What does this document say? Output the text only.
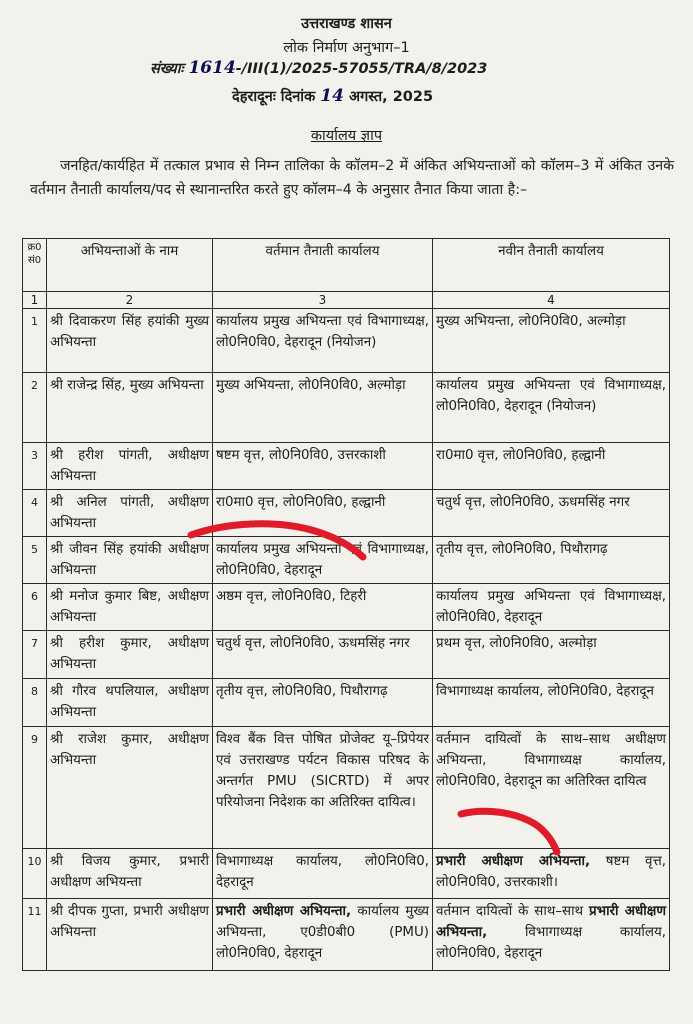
उत्तराखण्ड शासन
लोक निर्माण अनुभाग–1
संख्याः 1614-/III(1)/2025-57055/TRA/8/2023
देहरादूनः दिनांक 14 अगस्त, 2025
कार्यालय ज्ञाप
जनहित/कार्यहित में तत्काल प्रभाव से निम्न तालिका के कॉलम–2 में अंकित अभियन्ताओं को कॉलम–3 में अंकित उनके वर्तमान तैनाती कार्यालय/पद से स्थानान्तरित करते हुए कॉलम–4 के अनुसार तैनात किया जाता है:–
क्र0 सं0	अभियन्ताओं के नाम	वर्तमान तैनाती कार्यालय	नवीन तैनाती कार्यालय
1	2	3	4
1	श्री दिवाकरण सिंह हयांकी मुख्य अभियन्ता	कार्यालय प्रमुख अभियन्ता एवं विभागाध्यक्ष, लो0नि0वि0, देहरादून (नियोजन)	मुख्य अभियन्ता, लो0नि0वि0, अल्मोड़ा
2	श्री राजेन्द्र सिंह, मुख्य अभियन्ता	मुख्य अभियन्ता, लो0नि0वि0, अल्मोड़ा	कार्यालय प्रमुख अभियन्ता एवं विभागाध्यक्ष, लो0नि0वि0, देहरादून (नियोजन)
3	श्री हरीश पांगती, अधीक्षण अभियन्ता	षष्टम वृत्त, लो0नि0वि0, उत्तरकाशी	रा0मा0 वृत्त, लो0नि0वि0, हल्द्वानी
4	श्री अनिल पांगती, अधीक्षण अभियन्ता	रा0मा0 वृत्त, लो0नि0वि0, हल्द्वानी	चतुर्थ वृत्त, लो0नि0वि0, ऊधमसिंह नगर
5	श्री जीवन सिंह हयांकी अधीक्षण अभियन्ता	कार्यालय प्रमुख अभियन्ता एवं विभागाध्यक्ष, लो0नि0वि0, देहरादून	तृतीय वृत्त, लो0नि0वि0, पिथौरागढ़
6	श्री मनोज कुमार बिष्ट, अधीक्षण अभियन्ता	अष्ठम वृत्त, लो0नि0वि0, टिहरी	कार्यालय प्रमुख अभियन्ता एवं विभागाध्यक्ष, लो0नि0वि0, देहरादून
7	श्री हरीश कुमार, अधीक्षण अभियन्ता	चतुर्थ वृत्त, लो0नि0वि0, ऊधमसिंह नगर	प्रथम वृत्त, लो0नि0वि0, अल्मोड़ा
8	श्री गौरव थपलियाल, अधीक्षण अभियन्ता	तृतीय वृत्त, लो0नि0वि0, पिथौरागढ़	विभागाध्यक्ष कार्यालय, लो0नि0वि0, देहरादून
9	श्री राजेश कुमार, अधीक्षण अभियन्ता	विश्व बैंक वित्त पोषित प्रोजेक्ट यू–प्रिपेयर एवं उत्तराखण्ड पर्यटन विकास परिषद के अन्तर्गत PMU (SICRTD) में अपर परियोजना निदेशक का अतिरिक्त दायित्व।	वर्तमान दायित्वों के साथ–साथ अधीक्षण अभियन्ता, विभागाध्यक्ष कार्यालय, लो0नि0वि0, देहरादून का अतिरिक्त दायित्व
10	श्री विजय कुमार, प्रभारी अधीक्षण अभियन्ता	विभागाध्यक्ष कार्यालय, लो0नि0वि0, देहरादून	प्रभारी अधीक्षण अभियन्ता, षष्टम वृत्त, लो0नि0वि0, उत्तरकाशी।
11	श्री दीपक गुप्ता, प्रभारी अधीक्षण अभियन्ता	प्रभारी अधीक्षण अभियन्ता, कार्यालय मुख्य अभियन्ता, ए0डी0बी0 (PMU) लो0नि0वि0, देहरादून	वर्तमान दायित्वों के साथ–साथ प्रभारी अधीक्षण अभियन्ता, विभागाध्यक्ष कार्यालय, लो0नि0वि0, देहरादून
